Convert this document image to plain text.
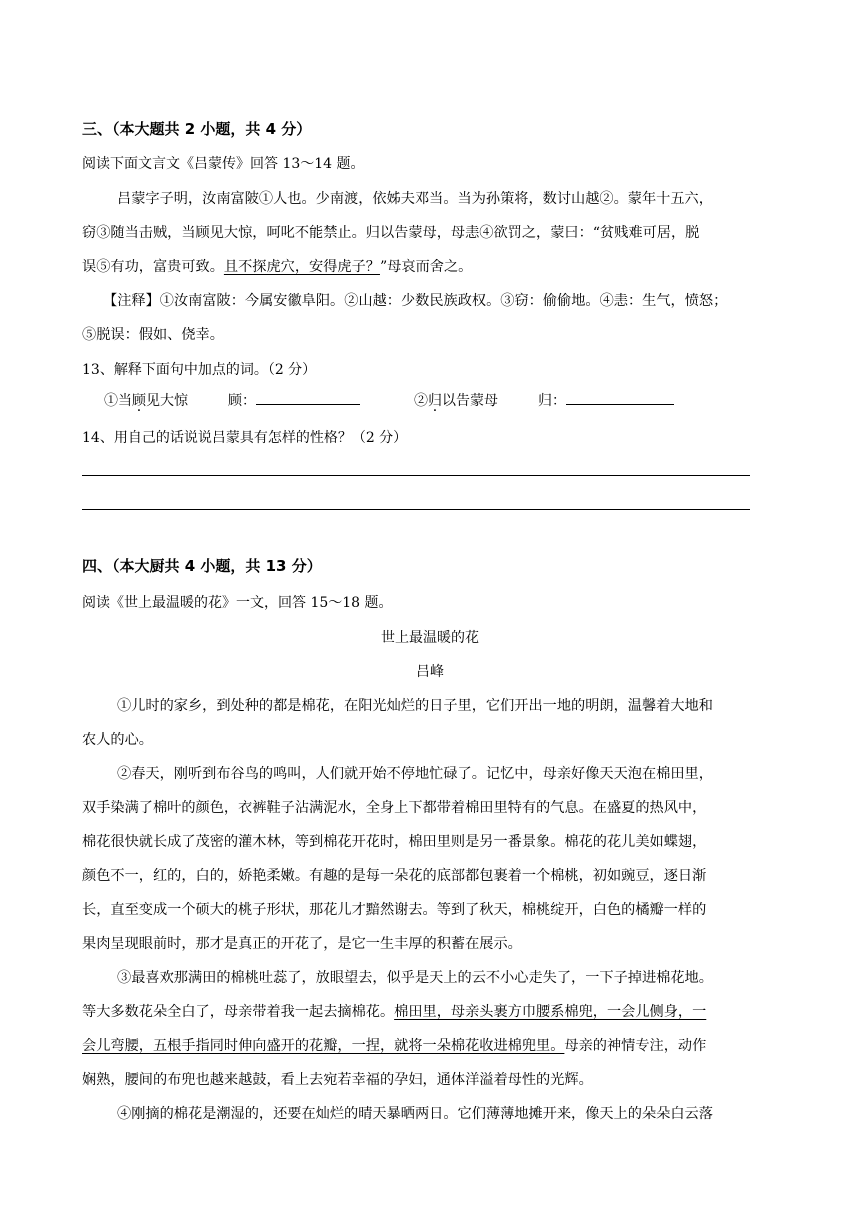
三、（本大题共 2 小题，共 4 分）
阅读下面文言文《吕蒙传》回答 13～14 题。
吕蒙字子明，汝南富陂①人也。少南渡，依姊夫邓当。当为孙策将，数讨山越②。蒙年十五六，
窃③随当击贼，当顾见大惊，呵叱不能禁止。归以告蒙母，母恚④欲罚之，蒙曰：“贫贱难可居，脱
误⑤有功，富贵可致。且不探虎穴，安得虎子？”母哀而舍之。
【注释】①汝南富陂：今属安徽阜阳。②山越：少数民族政权。③窃：偷偷地。④恚：生气，愤怒；
⑤脱误：假如、侥幸。
13、解释下面句中加点的词。（2 分）
①当顾见大惊	顾：	②归以告蒙母	归：
14、用自己的话说说吕蒙具有怎样的性格？（2 分）
四、（本大厨共 4 小题，共 13 分）
阅读《世上最温暖的花》一文，回答 15～18 题。
世上最温暖的花
吕峰
①儿时的家乡，到处种的都是棉花，在阳光灿烂的日子里，它们开出一地的明朗，温馨着大地和
农人的心。
②春天，刚听到布谷鸟的鸣叫，人们就开始不停地忙碌了。记忆中，母亲好像天天泡在棉田里，
双手染满了棉叶的颜色，衣裤鞋子沾满泥水，全身上下都带着棉田里特有的气息。在盛夏的热风中，
棉花很快就长成了茂密的灌木林，等到棉花开花时，棉田里则是另一番景象。棉花的花儿美如蝶翅，
颜色不一，红的，白的，娇艳柔嫩。有趣的是每一朵花的底部都包裹着一个棉桃，初如豌豆，逐日渐
长，直至变成一个硕大的桃子形状，那花儿才黯然谢去。等到了秋天，棉桃绽开，白色的橘瓣一样的
果肉呈现眼前时，那才是真正的开花了，是它一生丰厚的积蓄在展示。
③最喜欢那满田的棉桃吐蕊了，放眼望去，似乎是天上的云不小心走失了，一下子掉进棉花地。
等大多数花朵全白了，母亲带着我一起去摘棉花。棉田里，母亲头裹方巾腰系棉兜，一会儿侧身，一
会儿弯腰，五根手指同时伸向盛开的花瓣，一捏，就将一朵棉花收进棉兜里。母亲的神情专注，动作
娴熟，腰间的布兜也越来越鼓，看上去宛若幸福的孕妇，通体洋溢着母性的光辉。
④刚摘的棉花是潮湿的，还要在灿烂的晴天暴晒两日。它们薄薄地摊开来，像天上的朵朵白云落
